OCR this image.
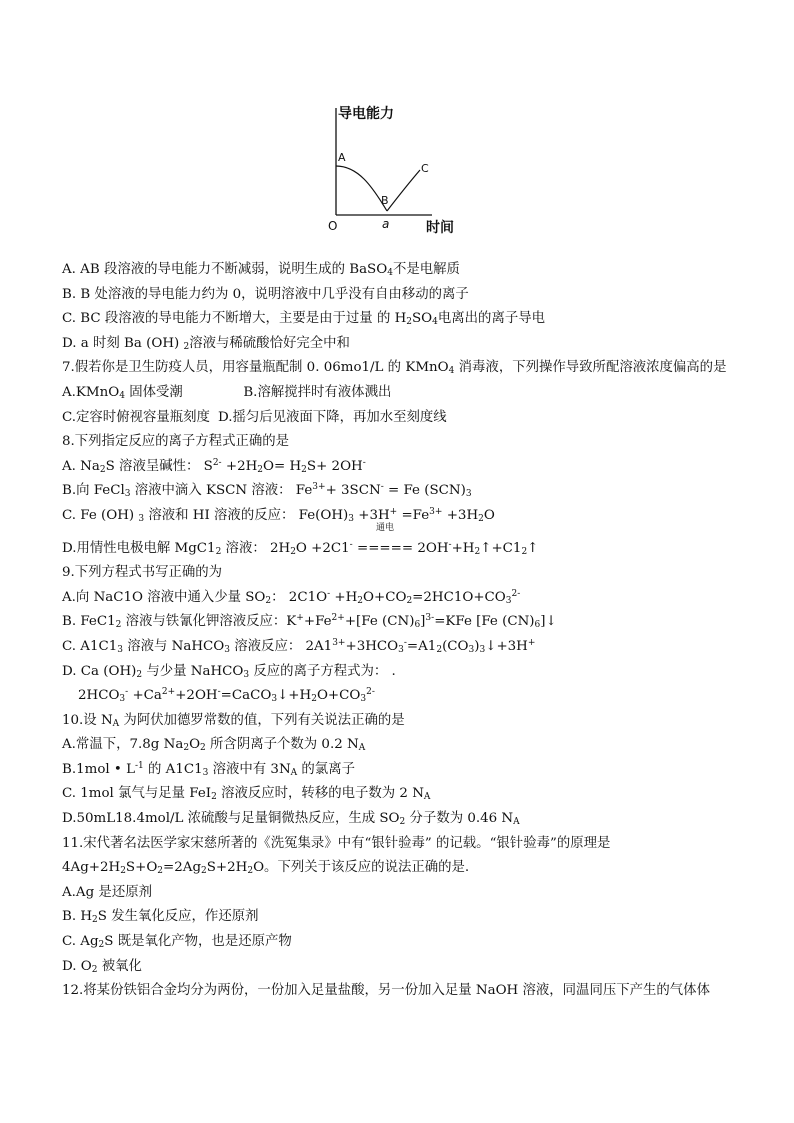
导电能力
时间
O
A
B
C
a
A. AB 段溶液的导电能力不断减弱，说明生成的 BaSO$_4$不是电解质
B. B 处溶液的导电能力约为 0，说明溶液中几乎没有自由移动的离子
C. BC 段溶液的导电能力不断增大，主要是由于过量 的 $H_2SO_4$电离出的离子导电
D. a 时刻 Ba (OH) $_2$溶液与稀硫酸恰好完全中和
7.假若你是卫生防疫人员，用容量瓶配制 0. 06mo1/L 的 KMnO$_4$ 消毒液，下列操作导致所配溶液浓度偏高的是
A.KMnO$_4$ 固体受潮	B.溶解搅拌时有液体溅出
C.定容时俯视容量瓶刻度 D.摇匀后见液面下降，再加水至刻度线
8.下列指定反应的离子方程式正确的是
A. $Na_2S$ 溶液呈碱性： $S^{2-} +2H_2O= H_2S+ 2OH^-$
B.向 FeCl$_3$ 溶液中滴入 KSCN 溶液： $Fe^{3+}+ 3SCN^- = Fe$ $(SCN)_3$
C. Fe (OH) $_3$ 溶液和 HI 溶液的反应： $Fe(OH)_3 +3H^+ =Fe^{3+} +3H_2O$
D.用情性电极电解 $MgC1_2$ 溶液： $2H_2O +2C1^-$
通电
===== $2OH^-+H_2↑+C1_2↑$
9.下列方程式书写正确的为
A.向 NaC1O 溶液中通入少量 $SO_2$： $2C1O^- +H_2O+CO_2=2HC1O+CO_3^{2-}$
B. $FeC1_2$ 溶液与铁氰化钾溶液反应：$K^++Fe^{2+}+[Fe$ $(CN)_6]^{3-}=KFe$ [Fe $(CN)_6]↓$
C. $A1C1_3$ 溶液与 NaHCO$_3$ 溶液反应： $2A1^{3+}+3HCO_3^-=A1_2(CO_3)_3↓+3H^+$
D. Ca $(OH)_2$ 与少量 NaHCO$_3$ 反应的离子方程式为： .
$2HCO_3^-$ $+Ca^{2+}+2OH^-=CaCO_3↓+H_2O+CO_3^{2-}$
10.设 $N_A$ 为阿伏加德罗常数的值，下列有关说法正确的是
A.常温下，7.8g $Na_2O_2$ 所含阴离子个数为 0.2 $N_A$
B.1mol • $L^{-1}$ 的 $A1C1_3$ 溶液中有 $3N_A$ 的氯离子
C. 1mol 氯气与足量 FeI$_2$ 溶液反应时，转移的电子数为 2 $N_A$
D.50mL18.4mol/L 浓硫酸与足量铜微热反应，生成 $SO_2$ 分子数为 0.46 $N_A$
11.宋代著名法医学家宋慈所著的《洗冤集录》中有“银针验毒” 的记载。“银针验毒”的原理是
$4Ag+2H_2S+O_2=2Ag_2S+2H_2O$。下列关于该反应的说法正确的是.
A.Ag 是还原剂
B. $H_2S$ 发生氧化反应，作还原剂
C. $Ag_2S$ 既是氧化产物，也是还原产物
D. $O_2$ 被氧化
12.将某份铁铝合金均分为两份，一份加入足量盐酸，另一份加入足量 NaOH 溶液，同温同压下产生的气体体
